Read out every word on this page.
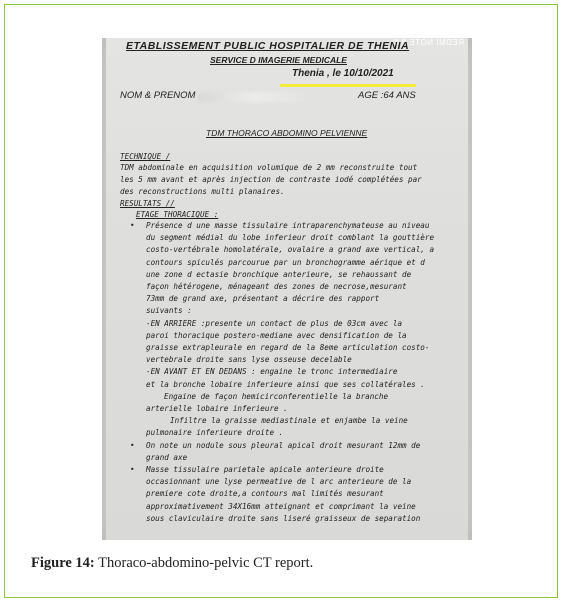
REDMI NOTE 8 ©
ETABLISSEMENT PUBLIC HOSPITALIER DE THENIA
SERVICE D IMAGERIE MEDICALE
Thenia , le 10/10/2021
NOM & PRENOM	AGE :64 ANS
TDM THORACO ABDOMINO PELVIENNE
TECHNIQUE /
TDM abdominale en acquisition volumique de 2 mm reconstruite tout
les 5 mm avant et après injection de contraste iodé complétées par
des reconstructions multi planaires.
RESULTATS //
ETAGE THORACIQUE :
• Présence d une masse tissulaire intraparenchymateuse au niveau
du segment médial du lobe inferieur droit comblant la gouttière
costo-vertébrale homolatérale, ovalaire a grand axe vertical, a
contours spiculés parcourue par un bronchogramme aérique et d
une zone d ectasie bronchique anterieure, se rehaussant de
façon hétérogene, ménageant des zones de necrose,mesurant
73mm de grand axe, présentant a décrire des rapport
suivants :
-EN ARRIERE :presente un contact de plus de 03cm avec la
paroi thoracique postero-mediane avec densification de la
graisse extrapleurale en regard de la 8eme articulation costo-
vertebrale droite sans lyse osseuse decelable
-EN AVANT ET EN DEDANS : engaine le tronc intermediaire
et la bronche lobaire inferieure ainsi que ses collatérales .
Engaine de façon hemicirconferentielle la branche
arterielle lobaire inferieure .
Infiltre la graisse mediastinale et enjambe la veine
pulmonaire inferieure droite .
• On note un nodule sous pleural apical droit mesurant 12mm de
grand axe
• Masse tissulaire parietale apicale anterieure droite
occasionnant une lyse permeative de l arc anterieure de la
premiere cote droite,a contours mal limités mesurant
approximativement 34X16mm atteignant et comprimant la veine
sous claviculaire droite sans liseré graisseux de separation
Figure 14: Thoraco-abdomino-pelvic CT report.
